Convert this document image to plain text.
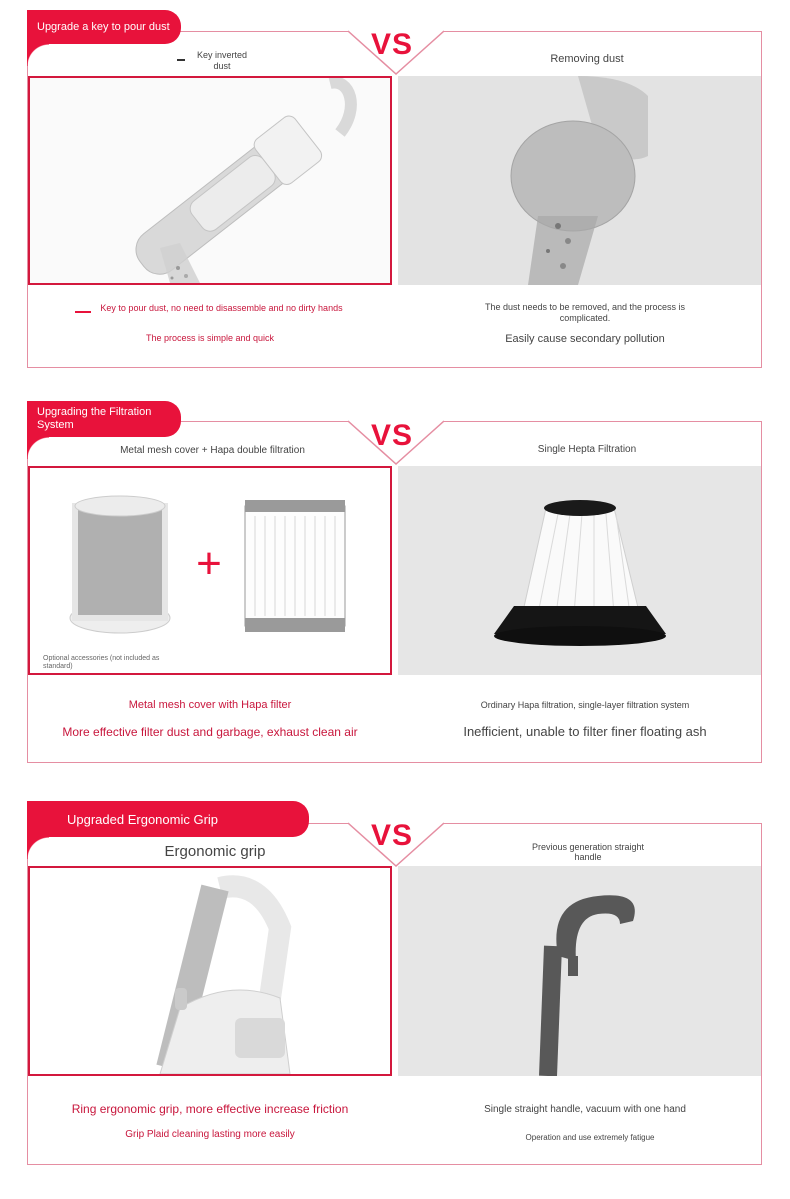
Upgrade a key to pour dust
VS
Key inverted dust
Removing dust
Key to pour dust, no need to disassemble and no dirty hands
The process is simple and quick
The dust needs to be removed, and the process is complicated.
Easily cause secondary pollution
Upgrading the Filtration System	VS
Metal mesh cover + Hapa double filtration	Single Hepta Filtration
+
Optional accessories (not included as standard)
Metal mesh cover with Hapa filter
More effective filter dust and garbage, exhaust clean air
Ordinary Hapa filtration, single-layer filtration system
Inefficient, unable to filter finer floating ash
Upgraded Ergonomic Grip	VS
Ergonomic grip	Previous generation straight handle
Ring ergonomic grip, more effective increase friction
Grip Plaid cleaning lasting more easily
Single straight handle, vacuum with one hand
Operation and use extremely fatigue
